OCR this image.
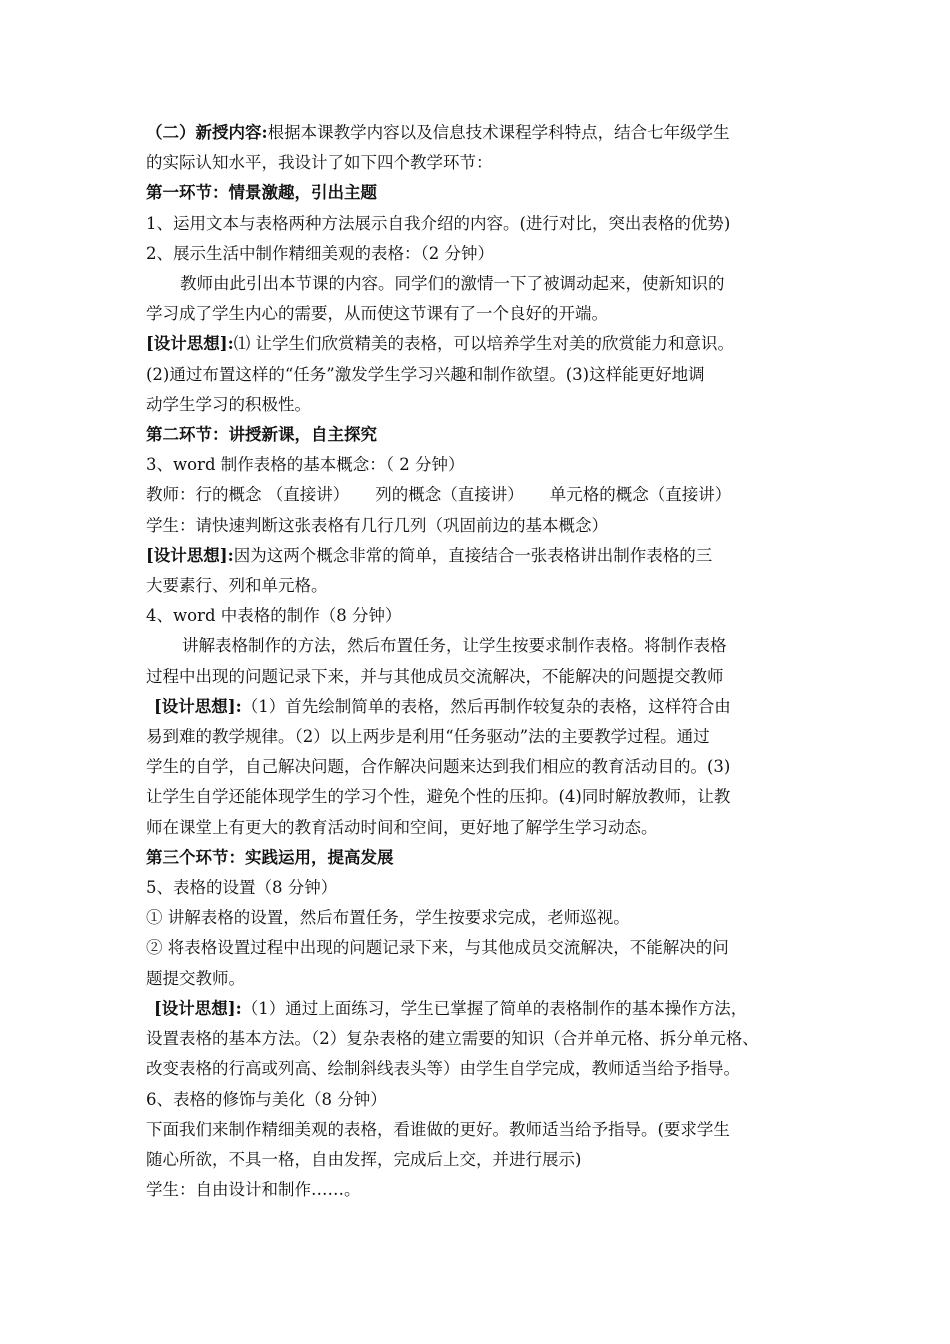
（二）新授内容:根据本课教学内容以及信息技术课程学科特点，结合七年级学生

的实际认知水平，我设计了如下四个教学环节：

第一环节：情景激趣，引出主题

1、运用文本与表格两种方法展示自我介绍的内容。(进行对比，突出表格的优势)

2、展示生活中制作精细美观的表格：（2 分钟）

教师由此引出本节课的内容。同学们的激情一下了被调动起来，使新知识的

学习成了学生内心的需要，从而使这节课有了一个良好的开端。

[设计思想]:⑴ 让学生们欣赏精美的表格，可以培养学生对美的欣赏能力和意识。

(2)通过布置这样的“任务”激发学生学习兴趣和制作欲望。(3)这样能更好地调

动学生学习的积极性。

第二环节：讲授新课，自主探究

3、word 制作表格的基本概念：（ 2 分钟）

教师：行的概念 （直接讲） 列的概念（直接讲） 单元格的概念（直接讲）

学生：请快速判断这张表格有几行几列（巩固前边的基本概念）

[设计思想]:因为这两个概念非常的简单，直接结合一张表格讲出制作表格的三

大要素行、列和单元格。

4、word 中表格的制作（8 分钟）

讲解表格制作的方法，然后布置任务，让学生按要求制作表格。将制作表格

过程中出现的问题记录下来，并与其他成员交流解决，不能解决的问题提交教师

[设计思想]:（1）首先绘制简单的表格，然后再制作较复杂的表格，这样符合由

易到难的教学规律。（2）以上两步是利用“任务驱动”法的主要教学过程。通过

学生的自学，自己解决问题，合作解决问题来达到我们相应的教育活动目的。(3)

让学生自学还能体现学生的学习个性，避免个性的压抑。(4)同时解放教师，让教

师在课堂上有更大的教育活动时间和空间，更好地了解学生学习动态。

第三个环节：实践运用，提高发展

5、表格的设置（8 分钟）

① 讲解表格的设置，然后布置任务，学生按要求完成，老师巡视。

② 将表格设置过程中出现的问题记录下来，与其他成员交流解决，不能解决的问

题提交教师。

[设计思想]:（1）通过上面练习，学生已掌握了简单的表格制作的基本操作方法，

设置表格的基本方法。（2）复杂表格的建立需要的知识（合并单元格、拆分单元格、

改变表格的行高或列高、绘制斜线表头等）由学生自学完成，教师适当给予指导。

6、表格的修饰与美化（8 分钟）

下面我们来制作精细美观的表格，看谁做的更好。教师适当给予指导。(要求学生

随心所欲，不具一格，自由发挥，完成后上交，并进行展示)

学生：自由设计和制作……。
